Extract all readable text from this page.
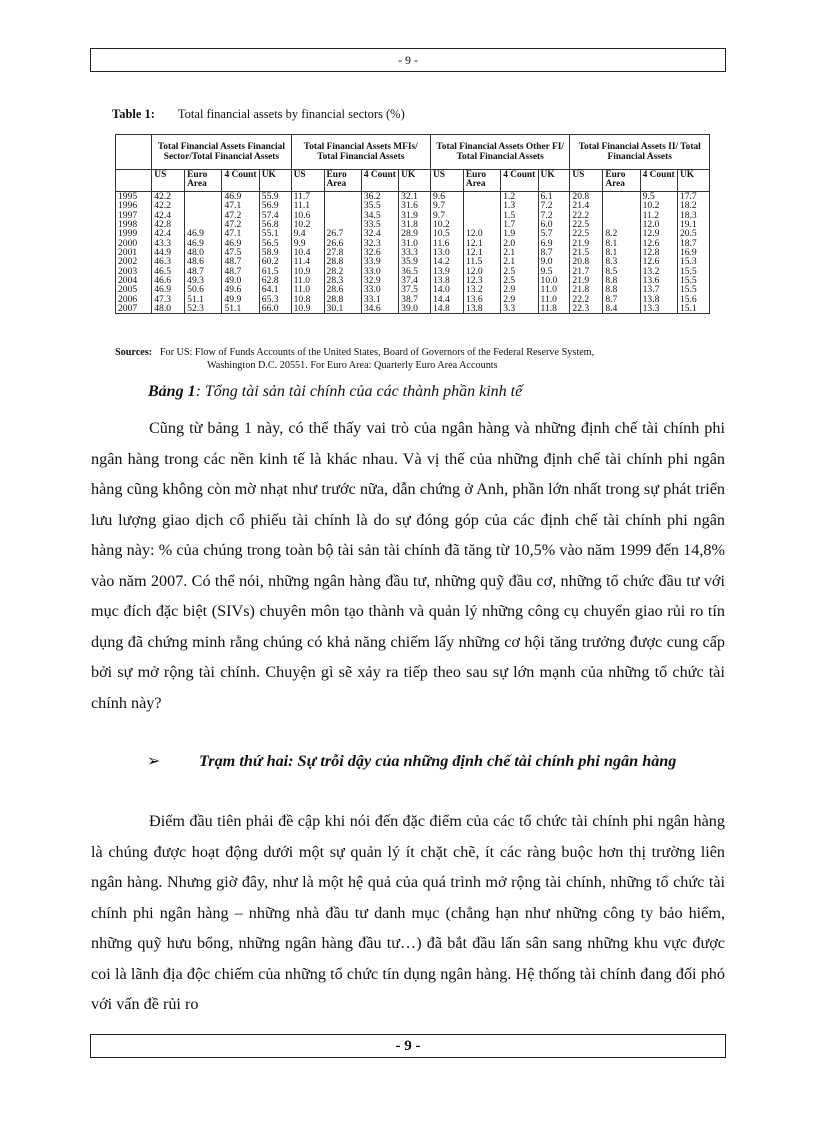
- 9 -
Table 1: Total financial assets by financial sectors (%)
	Total Financial Assets Financial Sector/Total Financial Assets				Total Financial Assets MFIs/ Total Financial Assets				Total Financial Assets Other FI/ Total Financial Assets				Total Financial Assets II/ Total Financial Assets			
	US	Euro Area	4 Count	UK	US	Euro Area	4 Count	UK	US	Euro Area	4 Count	UK	US	Euro Area	4 Count	UK
1995	42.2		46.9	55.9	11.7		36.2	32.1	9.6		1.2	6.1	20.8		9.5	17.7
1996	42.2		47.1	56.9	11.1		35.5	31.6	9.7		1.3	7.2	21.4		10.2	18.2
1997	42.4		47.2	57.4	10.6		34.5	31.9	9.7		1.5	7.2	22.2		11.2	18.3
1998	42.8		47.2	56.8	10.2		33.5	31.8	10.2		1.7	6.0	22.5		12.0	19.1
1999	42.4	46.9	47.1	55.1	9.4	26.7	32.4	28.9	10.5	12.0	1.9	5.7	22.5	8.2	12.9	20.5
2000	43.3	46.9	46.9	56.5	9.9	26.6	32.3	31.0	11.6	12.1	2.0	6.9	21.9	8.1	12.6	18.7
2001	44.9	48.0	47.5	58.9	10.4	27.8	32.6	33.3	13.0	12.1	2.1	8.7	21.5	8.1	12.8	16.9
2002	46.3	48.6	48.7	60.2	11.4	28.8	33.9	35.9	14.2	11.5	2.1	9.0	20.8	8.3	12.6	15.3
2003	46.5	48.7	48.7	61.5	10.9	28.2	33.0	36.5	13.9	12.0	2.5	9.5	21.7	8.5	13.2	15.5
2004	46.6	49.3	49.0	62.8	11.0	28.3	32.9	37.4	13.8	12.3	2.5	10.0	21.9	8.8	13.6	15.5
2005	46.9	50.6	49.6	64.1	11.0	28.6	33.0	37.5	14.0	13.2	2.9	11.0	21.8	8.8	13.7	15.5
2006	47.3	51.1	49.9	65.3	10.8	28.8	33.1	38.7	14.4	13.6	2.9	11.0	22.2	8.7	13.8	15.6
2007	48.0	52.3	51.1	66.0	10.9	30.1	34.6	39.0	14.8	13.8	3.3	11.8	22.3	8.4	13.3	15.1
Sources: For US: Flow of Funds Accounts of the United States, Board of Governors of the Federal Reserve System,
Washington D.C. 20551. For Euro Area: Quarterly Euro Area Accounts
Bảng 1: Tổng tài sản tài chính của các thành phần kinh tế

Cũng từ bảng 1 này, có thể thấy vai trò của ngân hàng và những định chế tài chính phi ngân hàng trong các nền kinh tế là khác nhau. Và vị thế của những định chế tài chính phi ngân hàng cũng không còn mờ nhạt như trước nữa, dẫn chứng ở Anh, phần lớn nhất trong sự phát triển lưu lượng giao dịch cổ phiếu tài chính là do sự đóng góp của các định chế tài chính phi ngân hàng này: % của chúng trong toàn bộ tài sản tài chính đã tăng từ 10,5% vào năm 1999 đến 14,8% vào năm 2007. Có thể nói, những ngân hàng đầu tư, những quỹ đầu cơ, những tổ chức đầu tư với mục đích đặc biệt (SIVs) chuyên môn tạo thành và quản lý những công cụ chuyển giao rủi ro tín dụng đã chứng minh rằng chúng có khả năng chiếm lấy những cơ hội tăng trưởng được cung cấp bởi sự mở rộng tài chính. Chuyện gì sẽ xảy ra tiếp theo sau sự lớn mạnh của những tổ chức tài chính này?

➢ Trạm thứ hai: Sự trỗi dậy của những định chế tài chính phi ngân hàng

Điểm đầu tiên phải đề cập khi nói đến đặc điểm của các tổ chức tài chính phi ngân hàng là chúng được hoạt động dưới một sự quản lý ít chặt chẽ, ít các ràng buộc hơn thị trường liên ngân hàng. Nhưng giờ đây, như là một hệ quả của quá trình mở rộng tài chính, những tổ chức tài chính phi ngân hàng – những nhà đầu tư danh mục (chẳng hạn như những công ty bảo hiểm, những quỹ hưu bổng, những ngân hàng đầu tư…) đã bắt đầu lấn sân sang những khu vực được coi là lãnh địa độc chiếm của những tổ chức tín dụng ngân hàng. Hệ thống tài chính đang đối phó với vấn đề rủi ro

- 9 -
